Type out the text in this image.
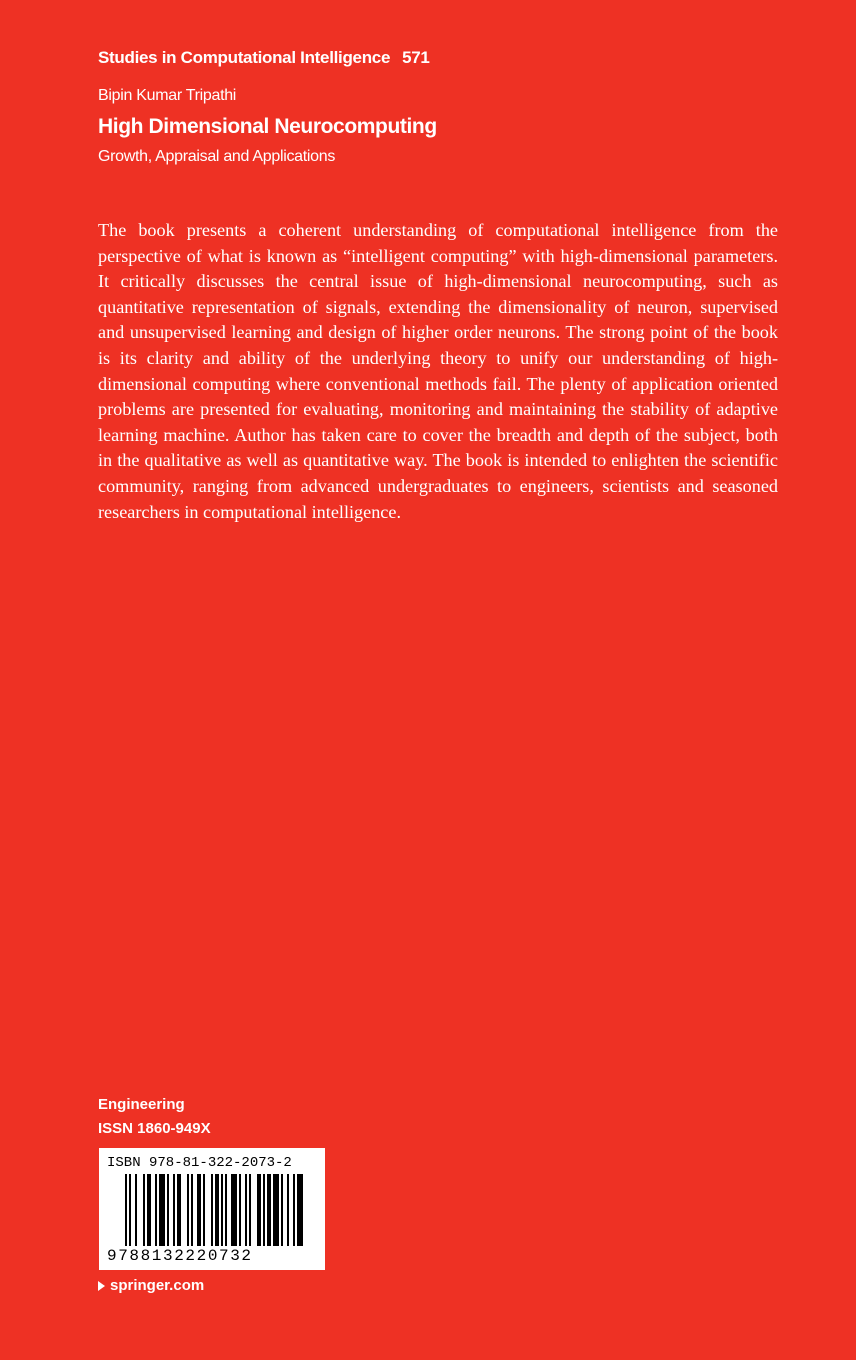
Studies in Computational Intelligence 571
Bipin Kumar Tripathi
High Dimensional Neurocomputing
Growth, Appraisal and Applications

The book presents a coherent understanding of computational intelligence from the perspective of what is known as “intelligent computing” with high-dimensional parameters. It critically discusses the central issue of high-dimensional neurocomputing, such as quantitative representation of signals, extending the dimensionality of neuron, supervised and unsupervised learning and design of higher order neurons. The strong point of the book is its clarity and ability of the underlying theory to unify our understanding of high-dimensional computing where conventional methods fail. The plenty of application oriented problems are presented for evaluating, monitoring and maintaining the stability of adaptive learning machine. Author has taken care to cover the breadth and depth of the subject, both in the qualitative as well as quantitative way. The book is intended to enlighten the scientific community, ranging from advanced undergraduates to engineers, scientists and seasoned researchers in computational intelligence.

Engineering
ISSN 1860-949X
ISBN 978-81-322-2073-2
9788132220732
springer.com
